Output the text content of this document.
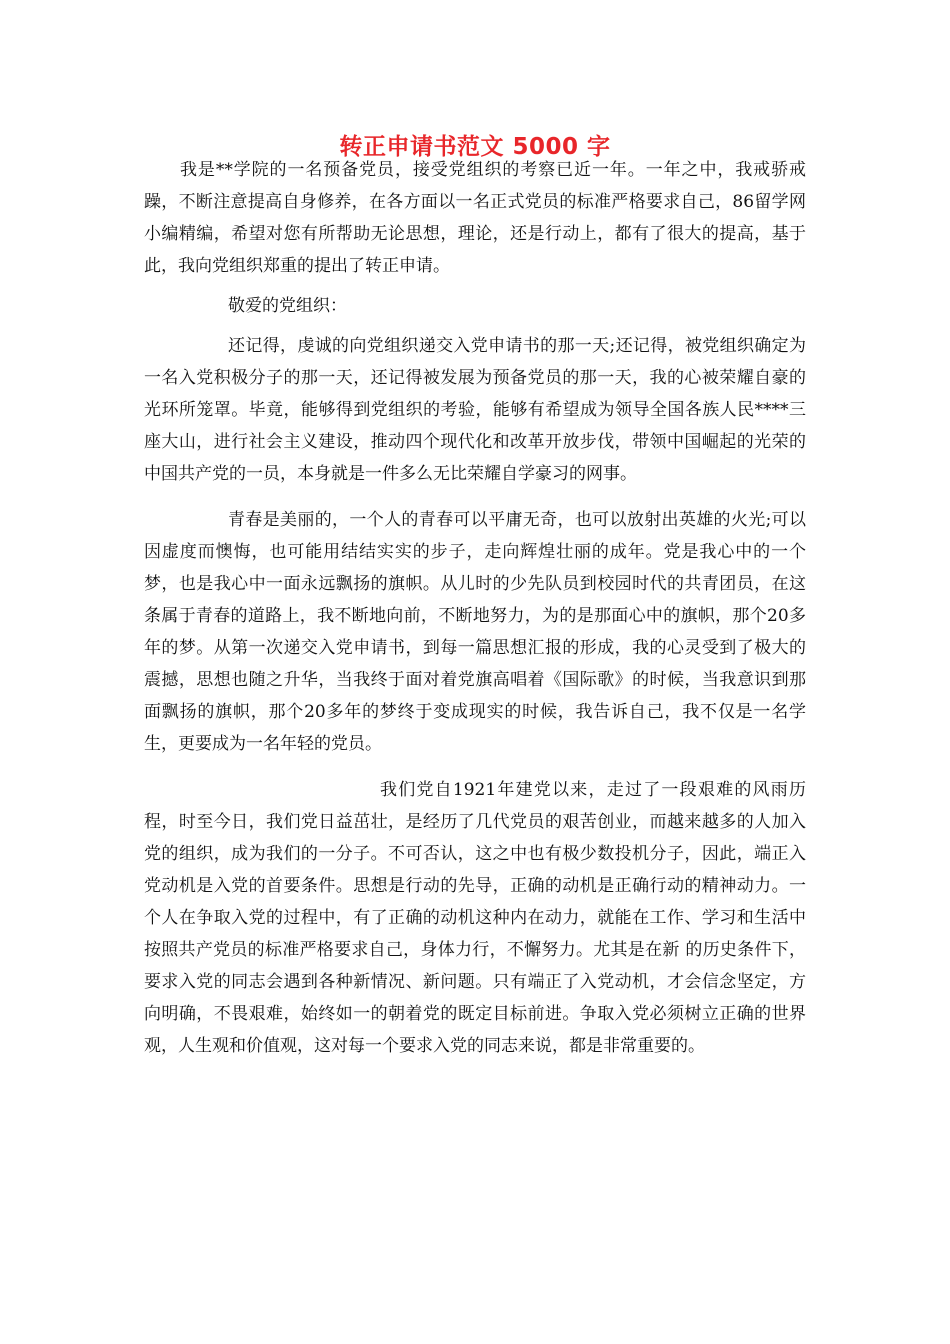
转正申请书范文 5000 字

我是**学院的一名预备党员，接受党组织的考察已近一年。一年之中，我戒骄戒躁，不断注意提高自身修养，在各方面以一名正式党员的标准严格要求自己，86留学网小编精编，希望对您有所帮助无论思想，理论，还是行动上，都有了很大的提高，基于此，我向党组织郑重的提出了转正申请。

敬爱的党组织：

还记得，虔诚的向党组织递交入党申请书的那一天;还记得，被党组织确定为一名入党积极分子的那一天，还记得被发展为预备党员的那一天，我的心被荣耀自豪的光环所笼罩。毕竟，能够得到党组织的考验，能够有希望成为领导全国各族人民****三座大山，进行社会主义建设，推动四个现代化和改革开放步伐，带领中国崛起的光荣的中国共产党的一员，本身就是一件多么无比荣耀自学豪习的网事。

青春是美丽的，一个人的青春可以平庸无奇，也可以放射出英雄的火光;可以因虚度而懊悔，也可能用结结实实的步子，走向辉煌壮丽的成年。党是我心中的一个梦，也是我心中一面永远飘扬的旗帜。从儿时的少先队员到校园时代的共青团员，在这条属于青春的道路上，我不断地向前，不断地努力，为的是那面心中的旗帜，那个20多年的梦。从第一次递交入党申请书，到每一篇思想汇报的形成，我的心灵受到了极大的震撼，思想也随之升华，当我终于面对着党旗高唱着《国际歌》的时候，当我意识到那面飘扬的旗帜，那个20多年的梦终于变成现实的时候，我告诉自己，我不仅是一名学生，更要成为一名年轻的党员。

我们党自1921年建党以来，走过了一段艰难的风雨历程，时至今日，我们党日益茁壮，是经历了几代党员的艰苦创业，而越来越多的人加入党的组织，成为我们的一分子。不可否认，这之中也有极少数投机分子，因此，端正入党动机是入党的首要条件。思想是行动的先导，正确的动机是正确行动的精神动力。一个人在争取入党的过程中，有了正确的动机这种内在动力，就能在工作、学习和生活中按照共产党员的标准严格要求自己，身体力行，不懈努力。尤其是在新 的历史条件下，要求入党的同志会遇到各种新情况、新问题。只有端正了入党动机，才会信念坚定，方向明确，不畏艰难，始终如一的朝着党的既定目标前进。争取入党必须树立正确的世界观，人生观和价值观，这对每一个要求入党的同志来说，都是非常重要的。
